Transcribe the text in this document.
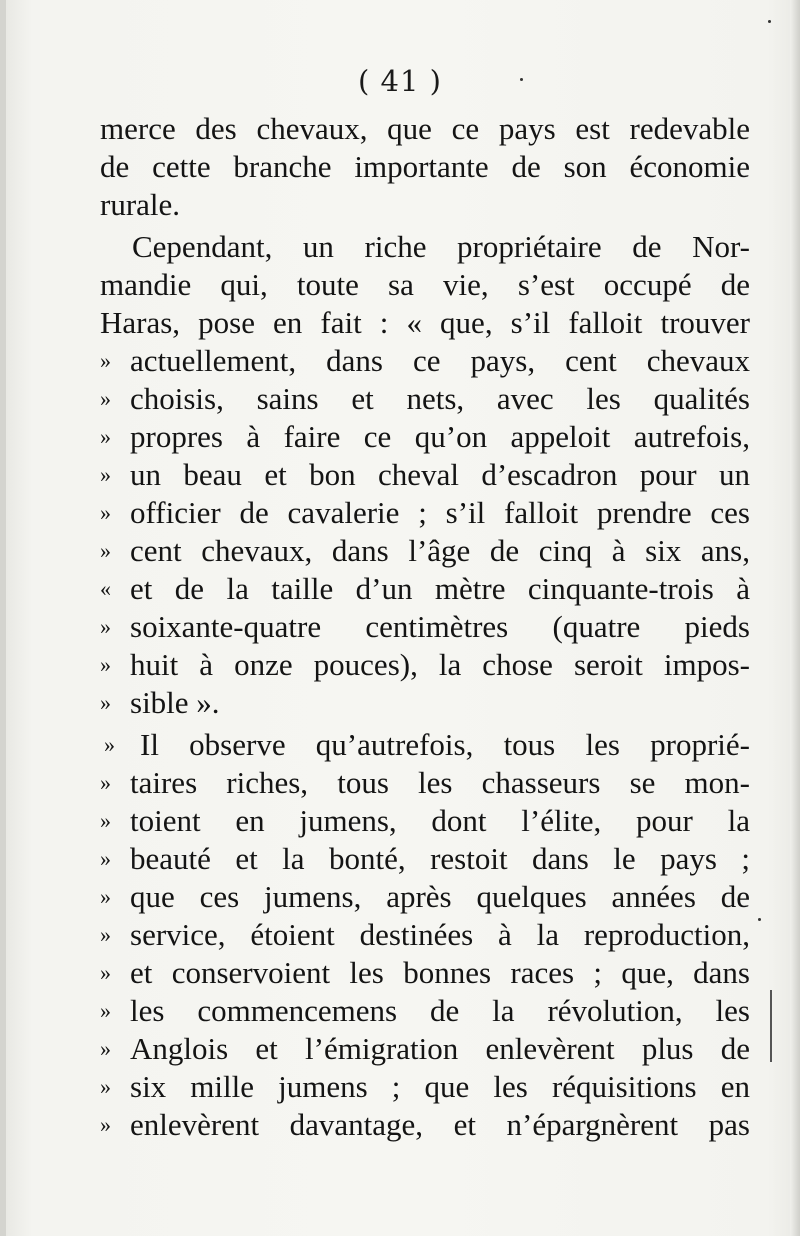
( 41 )
merce des chevaux, que ce pays est redevable
de cette branche importante de son économie
rurale.
Cependant, un riche propriétaire de Nor-
mandie qui, toute sa vie, s’est occupé de
Haras, pose en fait : « que, s’il falloit trouver
» actuellement, dans ce pays, cent chevaux
» choisis, sains et nets, avec les qualités
» propres à faire ce qu’on appeloit autrefois,
» un beau et bon cheval d’escadron pour un
» officier de cavalerie ; s’il falloit prendre ces
» cent chevaux, dans l’âge de cinq à six ans,
« et de la taille d’un mètre cinquante-trois à
» soixante-quatre centimètres (quatre pieds
» huit à onze pouces), la chose seroit impos-
» sible ».
» Il observe qu’autrefois, tous les proprié-
» taires riches, tous les chasseurs se mon-
» toient en jumens, dont l’élite, pour la
» beauté et la bonté, restoit dans le pays ;
» que ces jumens, après quelques années de
» service, étoient destinées à la reproduction,
» et conservoient les bonnes races ; que, dans
» les commencemens de la révolution, les
» Anglois et l’émigration enlevèrent plus de
» six mille jumens ; que les réquisitions en
» enlevèrent davantage, et n’épargnèrent pas
